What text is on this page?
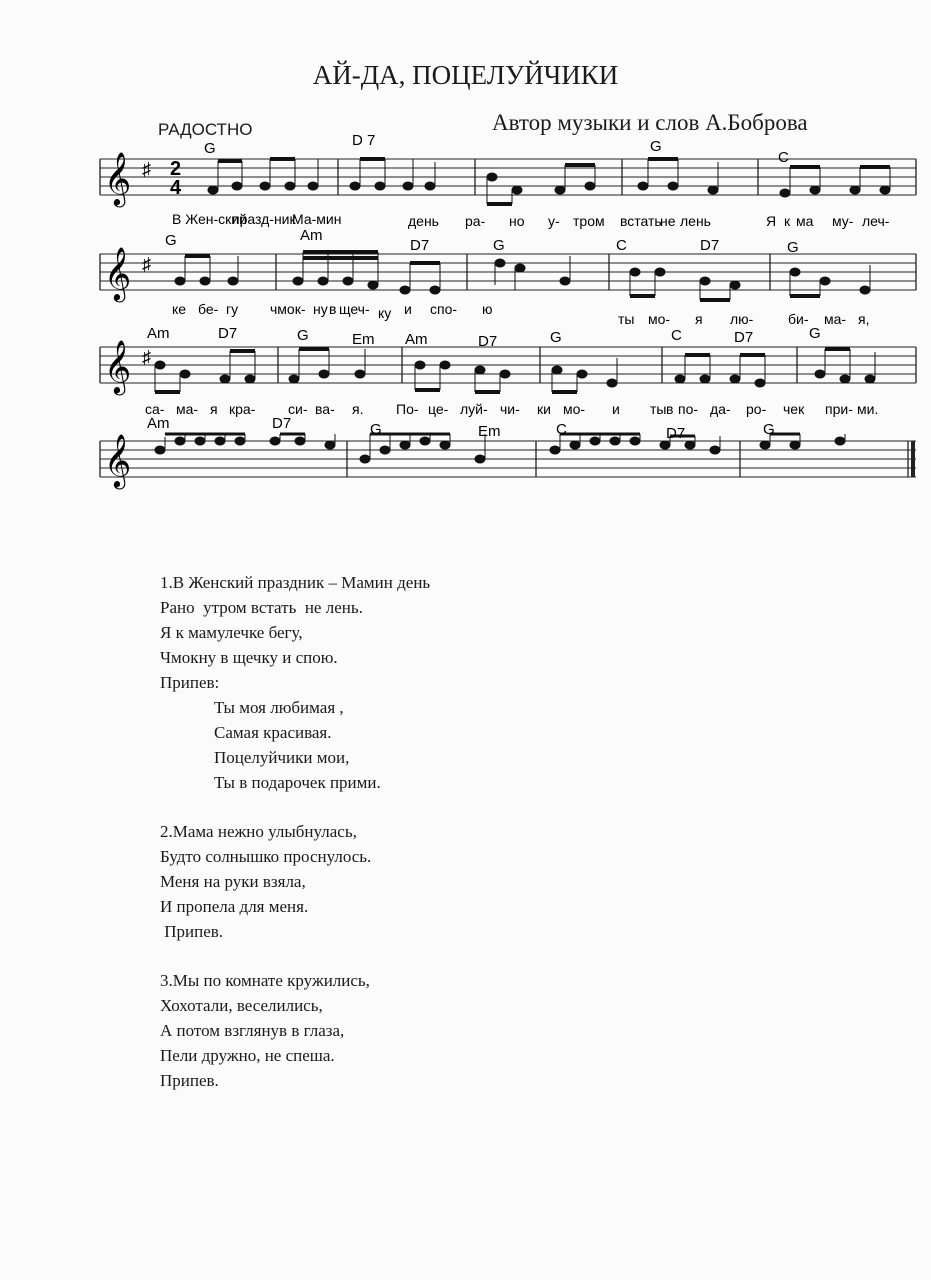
АЙ-ДА, ПОЦЕЛУЙЧИКИ
РАДОСТНО	Автор музыки и слов А.Боброва
𝄞 ♯ 2
4
G	D 7	G
C
В Жен-ский
празд-ник
Ма-мин	день ра- но у- тром встать
не лень	Я к ма му- леч-
𝄞 ♯
G	Am
D7	G	C	D7	G
ке бе- гу чмок- ну в щеч- ку и спо- ю
ты мо- я лю- би- ма- я,
𝄞 ♯
Am	D7	G	Em Am	D7	G	C	D7	G
са- ма- я кра- си- ва- я. По- це- луй- чи- ки мо- и ты в по- да- ро- чек при- ми.
𝄞
Am	D7	G	Em	C	D7	G
1.В Женский праздник – Мамин день
Рано  утром встать  не лень.
Я к мамулечке бегу,
Чмокну в щечку и спою.
Припев:
Ты моя любимая ,
Самая красивая.
Поцелуйчики мои,
Ты в подарочек прими.
2.Мама нежно улыбнулась,
Будто солнышко проснулось.
Меня на руки взяла,
И пропела для меня.
Припев.
3.Мы по комнате кружились,
Хохотали, веселились,
А потом взглянув в глаза,
Пели дружно, не спеша.
Припев.
